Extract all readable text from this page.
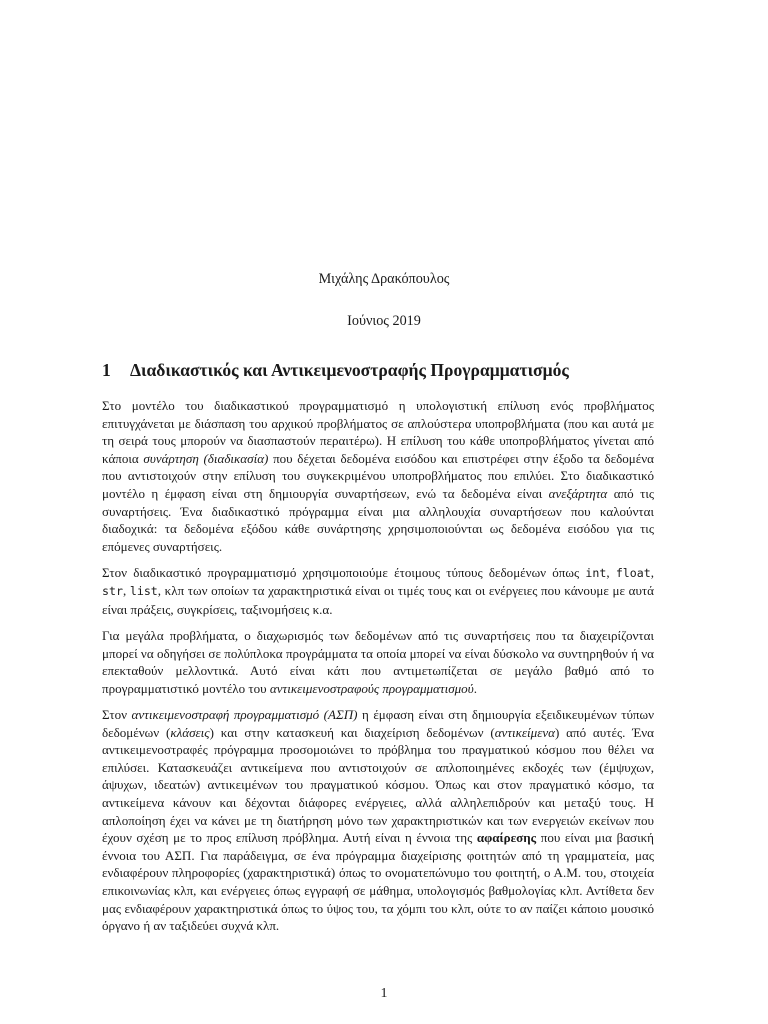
Μιχάλης Δρακόπουλος
Ιούνιος 2019
1 Διαδικαστικός και Αντικειμενοστραφής Προγραμματισμός

Στο μοντέλο του διαδικαστικού προγραμματισμό η υπολογιστική επίλυση ενός προβλήματος επιτυγχάνεται με διάσπαση του αρχικού προβλήματος σε απλούστερα υποπροβλήματα (που και αυτά με τη σειρά τους μπορούν να διασπαστούν περαιτέρω). Η επίλυση του κάθε υποπροβλήματος γίνεται από κάποια συνάρτηση (διαδικασία) που δέχεται δεδομένα εισόδου και επιστρέφει στην έξοδο τα δεδομένα που αντιστοιχούν στην επίλυση του συγκεκριμένου υποπροβλήματος που επιλύει. Στο διαδικαστικό μοντέλο η έμφαση είναι στη δημιουργία συναρτήσεων, ενώ τα δεδομένα είναι ανεξάρτητα από τις συναρτήσεις. Ένα διαδικαστικό πρόγραμμα είναι μια αλληλουχία συναρτήσεων που καλούνται διαδοχικά: τα δεδομένα εξόδου κάθε συνάρτησης χρησιμοποιούνται ως δεδομένα εισόδου για τις επόμενες συναρτήσεις.

Στον διαδικαστικό προγραμματισμό χρησιμοποιούμε έτοιμους τύπους δεδομένων όπως int, float, str, list, κλπ των οποίων τα χαρακτηριστικά είναι οι τιμές τους και οι ενέργειες που κάνουμε με αυτά είναι πράξεις, συγκρίσεις, ταξινομήσεις κ.α.

Για μεγάλα προβλήματα, ο διαχωρισμός των δεδομένων από τις συναρτήσεις που τα διαχειρίζονται μπορεί να οδηγήσει σε πολύπλοκα προγράμματα τα οποία μπορεί να είναι δύσκολο να συντηρηθούν ή να επεκταθούν μελλοντικά. Αυτό είναι κάτι που αντιμετωπίζεται σε μεγάλο βαθμό από το προγραμματιστικό μοντέλο του αντικειμενοστραφούς προγραμματισμού.

Στον αντικειμενοστραφή προγραμματισμό (ΑΣΠ) η έμφαση είναι στη δημιουργία εξειδικευμένων τύπων δεδομένων (κλάσεις) και στην κατασκευή και διαχείριση δεδομένων (αντικείμενα) από αυτές. Ένα αντικειμενοστραφές πρόγραμμα προσομοιώνει το πρόβλημα του πραγματικού κόσμου που θέλει να επιλύσει. Κατασκευάζει αντικείμενα που αντιστοιχούν σε απλοποιημένες εκδοχές των (έμψυχων, άψυχων, ιδεατών) αντικειμένων του πραγματικού κόσμου. Όπως και στον πραγματικό κόσμο, τα αντικείμενα κάνουν και δέχονται διάφορες ενέργειες, αλλά αλληλεπιδρούν και μεταξύ τους. Η απλοποίηση έχει να κάνει με τη διατήρηση μόνο των χαρακτηριστικών και των ενεργειών εκείνων που έχουν σχέση με το προς επίλυση πρόβλημα. Αυτή είναι η έννοια της αφαίρεσης που είναι μια βασική έννοια του ΑΣΠ. Για παράδειγμα, σε ένα πρόγραμμα διαχείρισης φοιτητών από τη γραμματεία, μας ενδιαφέρουν πληροφορίες (χαρακτηριστικά) όπως το ονοματεπώνυμο του φοιτητή, ο Α.Μ. του, στοιχεία επικοινωνίας κλπ, και ενέργειες όπως εγγραφή σε μάθημα, υπολογισμός βαθμολογίας κλπ. Αντίθετα δεν μας ενδιαφέρουν χαρακτηριστικά όπως το ύψος του, τα χόμπι του κλπ, ούτε το αν παίζει κάποιο μουσικό όργανο ή αν ταξιδεύει συχνά κλπ.

1
